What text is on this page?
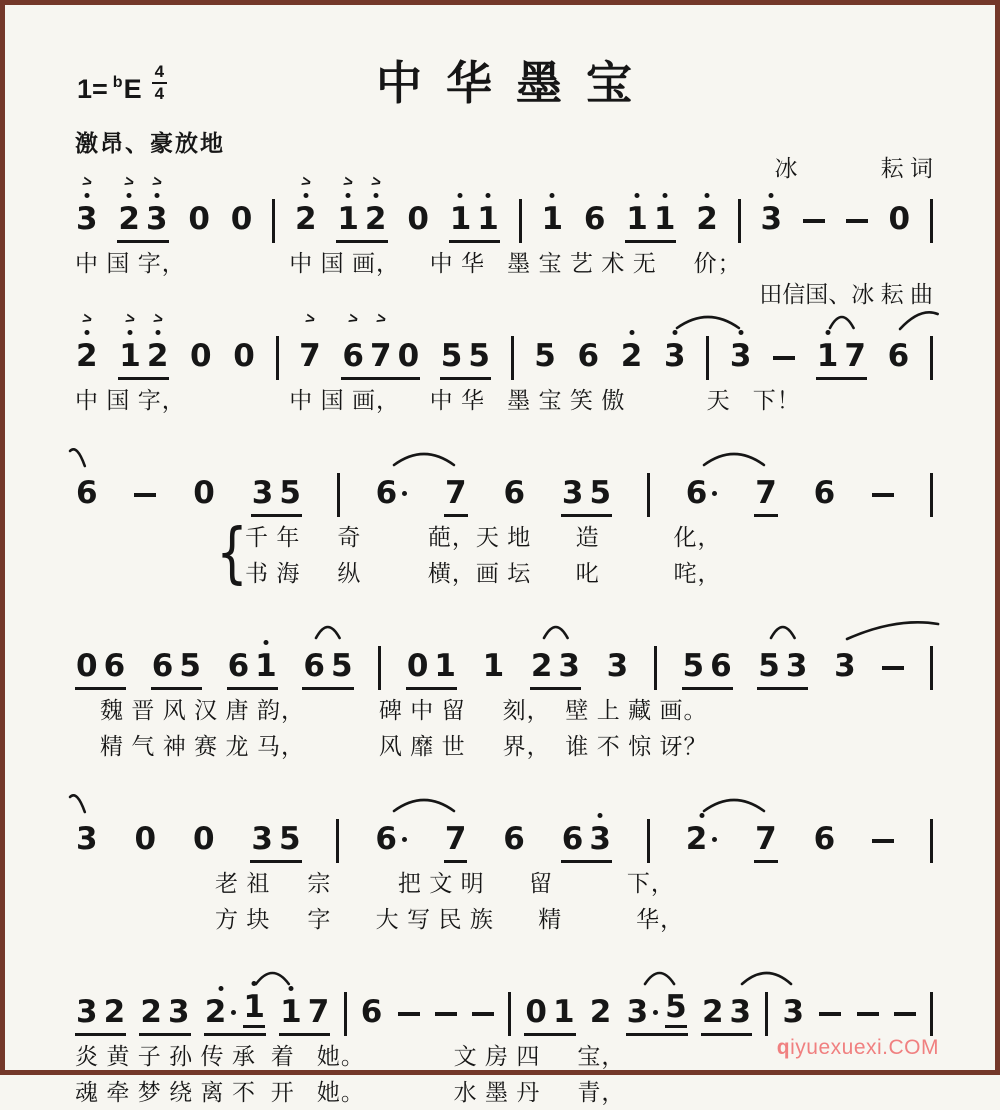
1= b E $\frac{4}{4}$	中华墨宝

冰             耘 词

田信国、冰 耘 曲

激昂、豪放地
>
3
>
2
>
3 0 0
>
2
>
1
>
2 0 1 1 1 6 1 1 2 3	0
中 国 字，              中 国 画，    中 华   墨 宝 艺 术 无     价；
>
2
>
1
>
2 0 0
>
7
>
6
>
7 0 5 5 5 6 2 3 3 1 7 6
中 国 字，              中 国 画，    中 华   墨 宝 笑 傲           天   下！
6	0 3 5 6 7 6 3 5 6 7 6
{
千 年     奇         葩，天 地      造          化，
书 海     纵         横，画 坛      叱          咤，
0 6 6 5 6 1 6 5 0 1 1 2 3 3 5 6 5 3 3
魏 晋 风 汉 唐 韵，          碑 中 留     刻，  壁 上 藏 画。
精 气 神 赛 龙 马，          风 靡 世     界，  谁 不 惊 讶？
3 0 0 3 5 6 7 6 6 3 2 7 6
老 祖     宗         把 文 明      留          下，
方 块     字      大 写 民 族      精          华，
3 2 2 3 2 1 1 7 6	0 1 2 3 5 2 3 3
炎 黄 子 孙 传 承  着   她。            文 房 四     宝，
魂 牵 梦 绕 离 不  开   她。            水 墨 丹     青，
qiyuexuexi.COM
